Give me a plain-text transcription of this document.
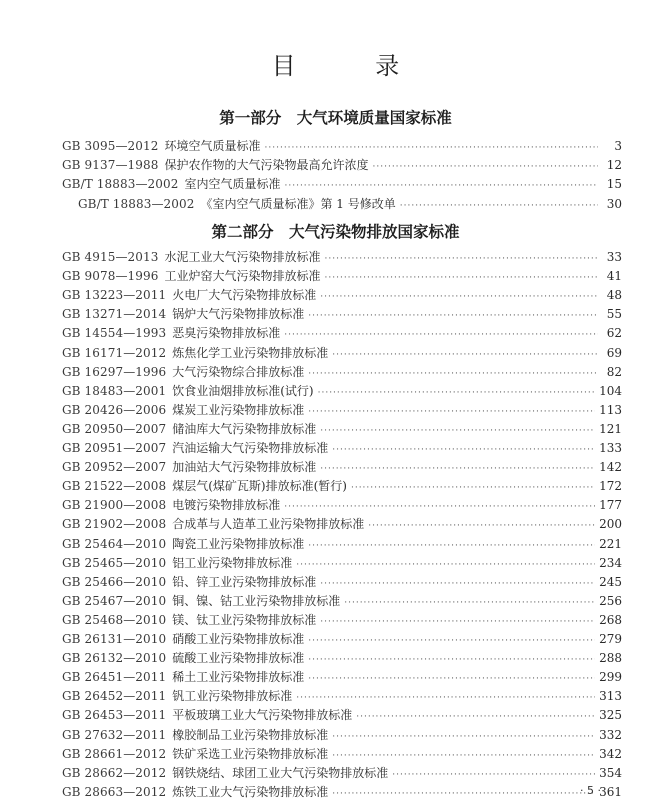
目 录
第一部分　大气环境质量国家标准
GB 3095—2012 环境空气质量标准 ·····	3
GB 9137—1988 保护农作物的大气污染物最高允许浓度 ·····	12
GB/T 18883—2002 室内空气质量标准 ·····	15
GB/T 18883—2002 《室内空气质量标准》第 1 号修改单 ·····	30
第二部分　大气污染物排放国家标准
GB 4915—2013 水泥工业大气污染物排放标准 ·····	33
GB 9078—1996 工业炉窑大气污染物排放标准 ·····	41
GB 13223—2011 火电厂大气污染物排放标准 ·····	48
GB 13271—2014 锅炉大气污染物排放标准 ·····	55
GB 14554—1993 恶臭污染物排放标准 ·····	62
GB 16171—2012 炼焦化学工业污染物排放标准 ·····	69
GB 16297—1996 大气污染物综合排放标准 ·····	82
GB 18483—2001 饮食业油烟排放标准(试行) ·····	104
GB 20426—2006 煤炭工业污染物排放标准 ·····	113
GB 20950—2007 储油库大气污染物排放标准 ·····	121
GB 20951—2007 汽油运输大气污染物排放标准 ·····	133
GB 20952—2007 加油站大气污染物排放标准 ·····	142
GB 21522—2008 煤层气(煤矿瓦斯)排放标准(暂行) ·····	172
GB 21900—2008 电镀污染物排放标准 ·····	177
GB 21902—2008 合成革与人造革工业污染物排放标准 ·····	200
GB 25464—2010 陶瓷工业污染物排放标准 ·····	221
GB 25465—2010 铝工业污染物排放标准 ·····	234
GB 25466—2010 铅、锌工业污染物排放标准 ·····	245
GB 25467—2010 铜、镍、钴工业污染物排放标准 ·····	256
GB 25468—2010 镁、钛工业污染物排放标准 ·····	268
GB 26131—2010 硝酸工业污染物排放标准 ·····	279
GB 26132—2010 硫酸工业污染物排放标准 ·····	288
GB 26451—2011 稀土工业污染物排放标准 ·····	299
GB 26452—2011 钒工业污染物排放标准 ·····	313
GB 26453—2011 平板玻璃工业大气污染物排放标准 ·····	325
GB 27632—2011 橡胶制品工业污染物排放标准 ·····	332
GB 28661—2012 铁矿采选工业污染物排放标准 ·····	342
GB 28662—2012 钢铁烧结、球团工业大气污染物排放标准 ·····	354
GB 28663—2012 炼铁工业大气污染物排放标准 ·····	361
· 5 ·
